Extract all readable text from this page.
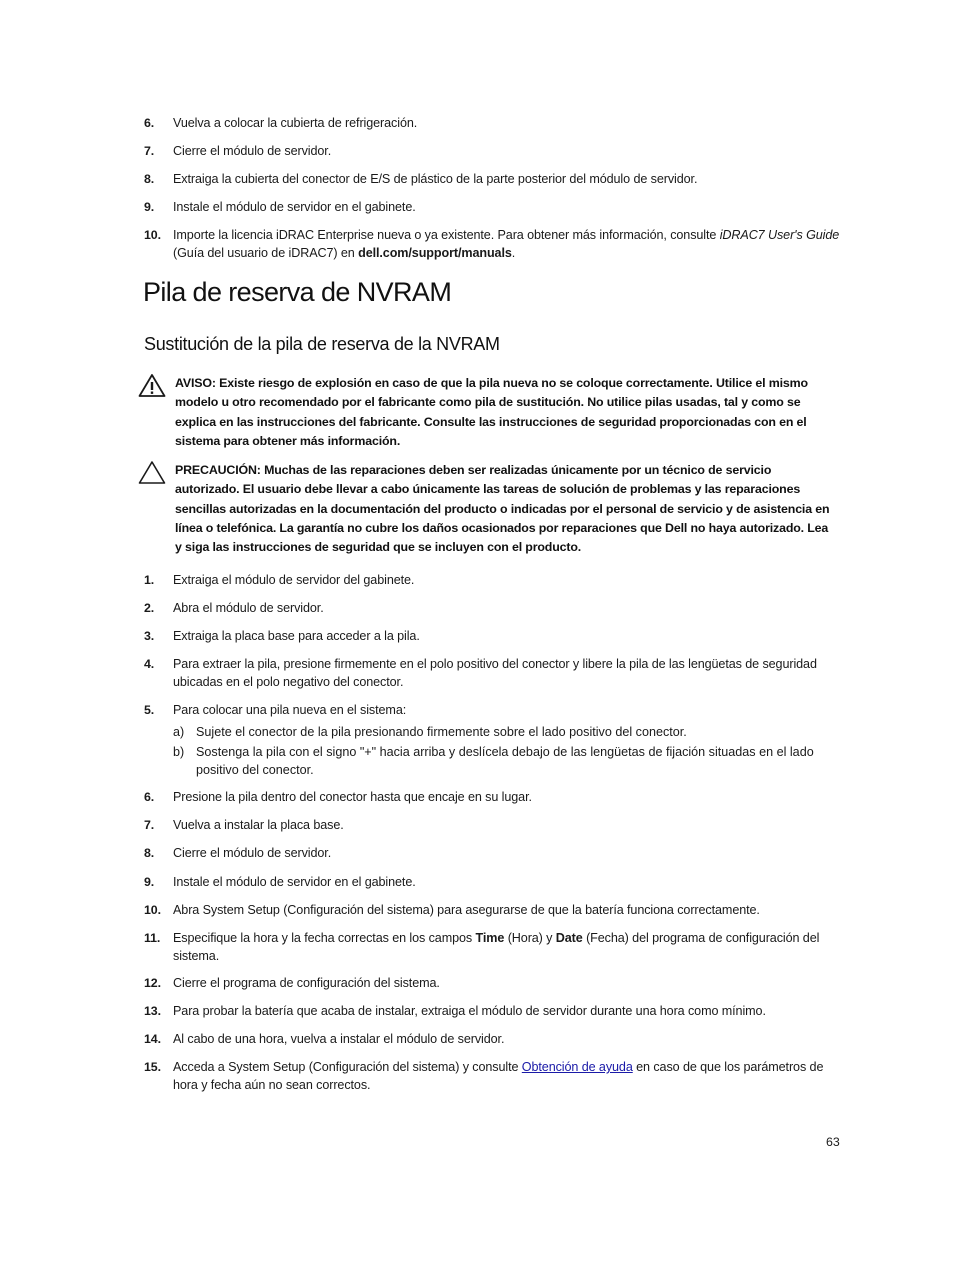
6. Vuelva a colocar la cubierta de refrigeración.
7. Cierre el módulo de servidor.
8. Extraiga la cubierta del conector de E/S de plástico de la parte posterior del módulo de servidor.
9. Instale el módulo de servidor en el gabinete.
10. Importe la licencia iDRAC Enterprise nueva o ya existente. Para obtener más información, consulte iDRAC7 User's Guide (Guía del usuario de iDRAC7) en dell.com/support/manuals.
Pila de reserva de NVRAM
Sustitución de la pila de reserva de la NVRAM
AVISO: Existe riesgo de explosión en caso de que la pila nueva no se coloque correctamente. Utilice el mismo modelo u otro recomendado por el fabricante como pila de sustitución. No utilice pilas usadas, tal y como se explica en las instrucciones del fabricante. Consulte las instrucciones de seguridad proporcionadas con en el sistema para obtener más información.
PRECAUCIÓN: Muchas de las reparaciones deben ser realizadas únicamente por un técnico de servicio autorizado. El usuario debe llevar a cabo únicamente las tareas de solución de problemas y las reparaciones sencillas autorizadas en la documentación del producto o indicadas por el personal de servicio y de asistencia en línea o telefónica. La garantía no cubre los daños ocasionados por reparaciones que Dell no haya autorizado. Lea y siga las instrucciones de seguridad que se incluyen con el producto.
1. Extraiga el módulo de servidor del gabinete.
2. Abra el módulo de servidor.
3. Extraiga la placa base para acceder a la pila.
4. Para extraer la pila, presione firmemente en el polo positivo del conector y libere la pila de las lengüetas de seguridad ubicadas en el polo negativo del conector.
5. Para colocar una pila nueva en el sistema:
a) Sujete el conector de la pila presionando firmemente sobre el lado positivo del conector.
b) Sostenga la pila con el signo "+" hacia arriba y deslícela debajo de las lengüetas de fijación situadas en el lado positivo del conector.
6. Presione la pila dentro del conector hasta que encaje en su lugar.
7. Vuelva a instalar la placa base.
8. Cierre el módulo de servidor.
9. Instale el módulo de servidor en el gabinete.
10. Abra System Setup (Configuración del sistema) para asegurarse de que la batería funciona correctamente.
11. Especifique la hora y la fecha correctas en los campos Time (Hora) y Date (Fecha) del programa de configuración del sistema.
12. Cierre el programa de configuración del sistema.
13. Para probar la batería que acaba de instalar, extraiga el módulo de servidor durante una hora como mínimo.
14. Al cabo de una hora, vuelva a instalar el módulo de servidor.
15. Acceda a System Setup (Configuración del sistema) y consulte Obtención de ayuda en caso de que los parámetros de hora y fecha aún no sean correctos.
63
